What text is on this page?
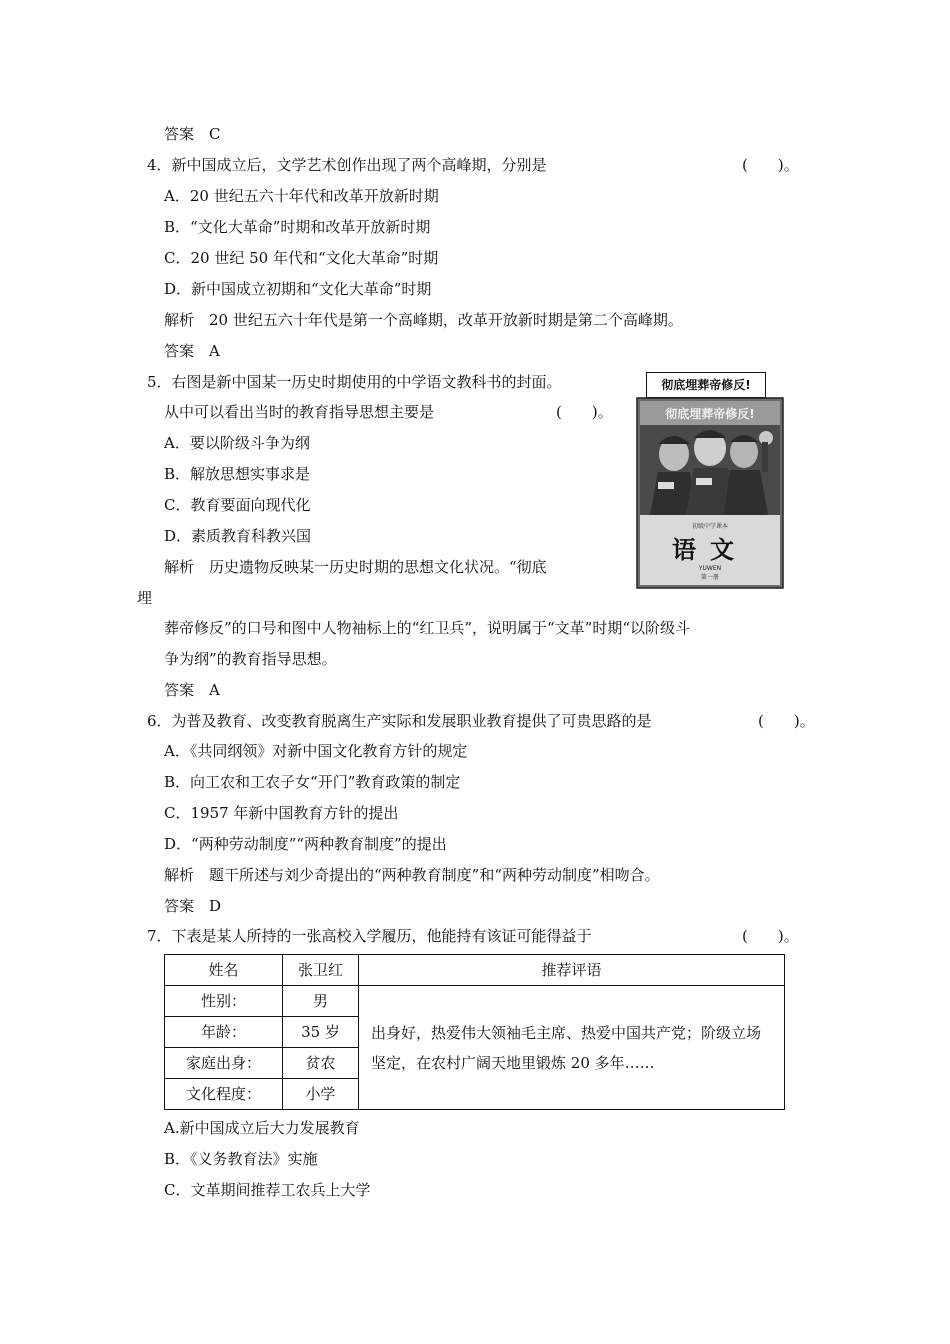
答案　C
4．新中国成立后，文学艺术创作出现了两个高峰期，分别是	(　　)。
A．20 世纪五六十年代和改革开放新时期
B．“文化大革命”时期和改革开放新时期
C．20 世纪 50 年代和“文化大革命”时期
D．新中国成立初期和“文化大革命”时期
解析　20 世纪五六十年代是第一个高峰期，改革开放新时期是第二个高峰期。
答案　A
5．右图是新中国某一历史时期使用的中学语文教科书的封面。
从中可以看出当时的教育指导思想主要是	(　　)。
A．要以阶级斗争为纲
B．解放思想实事求是
C．教育要面向现代化
D．素质教育科教兴国
解析　历史遗物反映某一历史时期的思想文化状况。“彻底
埋
葬帝修反”的口号和图中人物袖标上的“红卫兵”，说明属于“文革”时期“以阶级斗
争为纲”的教育指导思想。
答案　A
彻底埋葬帝修反!
彻底埋葬帝修反!
初级中学课本
语文
YUWEN
第一册
6．为普及教育、改变教育脱离生产实际和发展职业教育提供了可贵思路的是	(　　)。
A．《共同纲领》对新中国文化教育方针的规定
B．向工农和工农子女“开门”教育政策的制定
C．1957 年新中国教育方针的提出
D．“两种劳动制度”“两种教育制度”的提出
解析　题干所述与刘少奇提出的“两种教育制度”和“两种劳动制度”相吻合。
答案　D
7．下表是某人所持的一张高校入学履历，他能持有该证可能得益于	(　　)。
姓名	张卫红	推荐评语
性别：	男	出身好，热爱伟大领袖毛主席、热爱中国共产党；阶级立场坚定，在农村广阔天地里锻炼 20 多年……
年龄：	35 岁	
家庭出身：	贫农	
文化程度：	小学	
A.新中国成立后大力发展教育
B．《义务教育法》实施
C．文革期间推荐工农兵上大学
